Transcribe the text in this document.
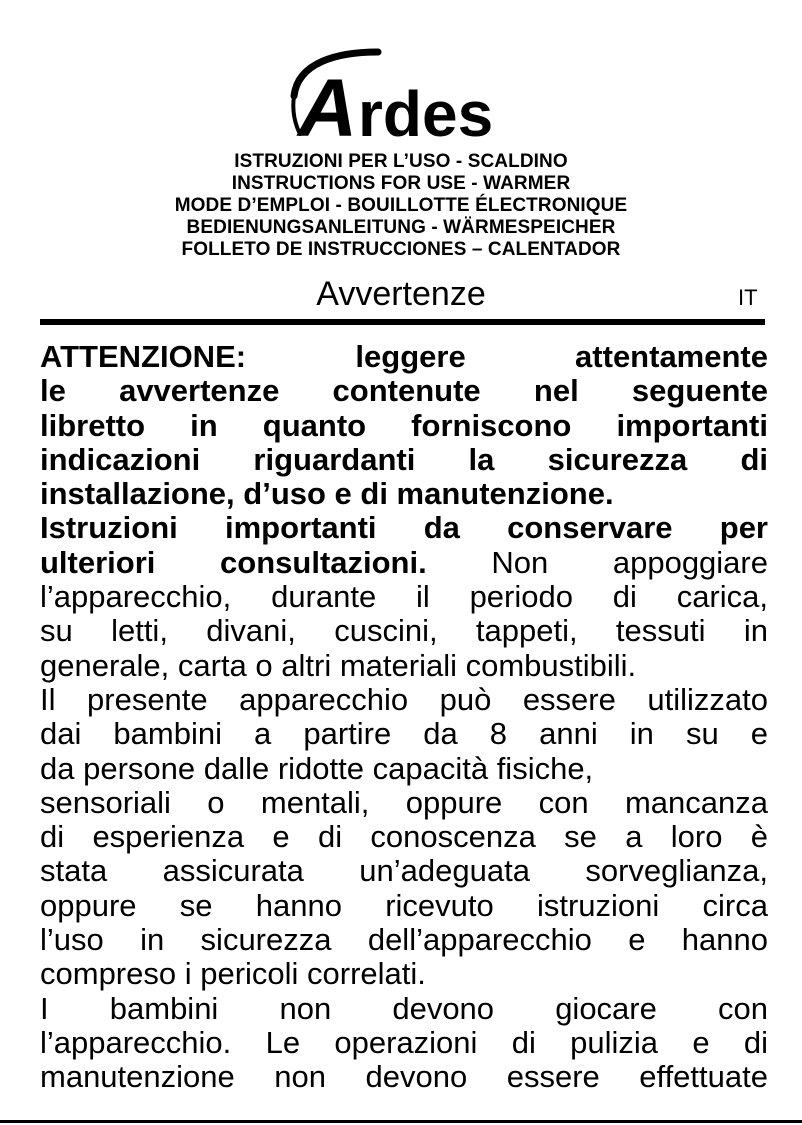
A rdes
ISTRUZIONI PER L’USO - SCALDINO
INSTRUCTIONS FOR USE - WARMER
MODE D’EMPLOI - BOUILLOTTE ÉLECTRONIQUE
BEDIENUNGSANLEITUNG - WÄRMESPEICHER
FOLLETO DE INSTRUCCIONES – CALENTADOR
Avvertenze	IT
ATTENZIONE: leggere attentamente
le avvertenze contenute nel seguente
libretto in quanto forniscono importanti
indicazioni riguardanti la sicurezza di
installazione, d’uso e di manutenzione.
Istruzioni importanti da conservare per
ulteriori consultazioni. Non appoggiare
l’apparecchio, durante il periodo di carica,
su letti, divani, cuscini, tappeti, tessuti in
generale, carta o altri materiali combustibili.
Il presente apparecchio può essere utilizzato
dai bambini a partire da 8 anni in su e
da persone dalle ridotte capacità fisiche,
sensoriali o mentali, oppure con mancanza
di esperienza e di conoscenza se a loro è
stata assicurata un’adeguata sorveglianza,
oppure se hanno ricevuto istruzioni circa
l’uso in sicurezza dell’apparecchio e hanno
compreso i pericoli correlati.
I bambini non devono giocare con
l’apparecchio. Le operazioni di pulizia e di
manutenzione non devono essere effettuate
